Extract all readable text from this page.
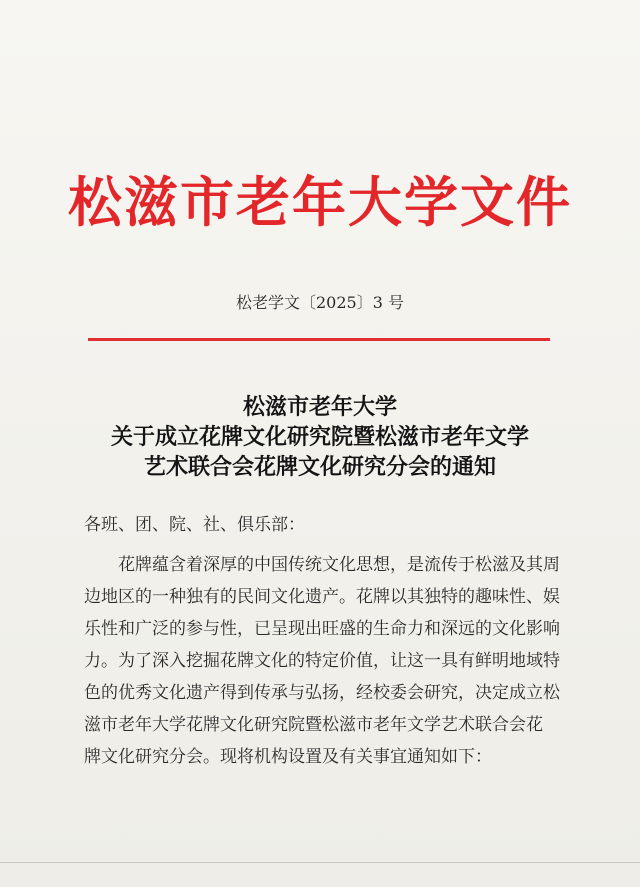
松滋市老年大学文件
松老学文〔2025〕3 号
松滋市老年大学
关于成立花牌文化研究院暨松滋市老年文学
艺术联合会花牌文化研究分会的通知
各班、团、院、社、俱乐部：
花牌蕴含着深厚的中国传统文化思想，是流传于松滋及其周
边地区的一种独有的民间文化遗产。花牌以其独特的趣味性、娱
乐性和广泛的参与性，已呈现出旺盛的生命力和深远的文化影响
力。为了深入挖掘花牌文化的特定价值，让这一具有鲜明地域特
色的优秀文化遗产得到传承与弘扬，经校委会研究，决定成立松
滋市老年大学花牌文化研究院暨松滋市老年文学艺术联合会花
牌文化研究分会。现将机构设置及有关事宜通知如下：
